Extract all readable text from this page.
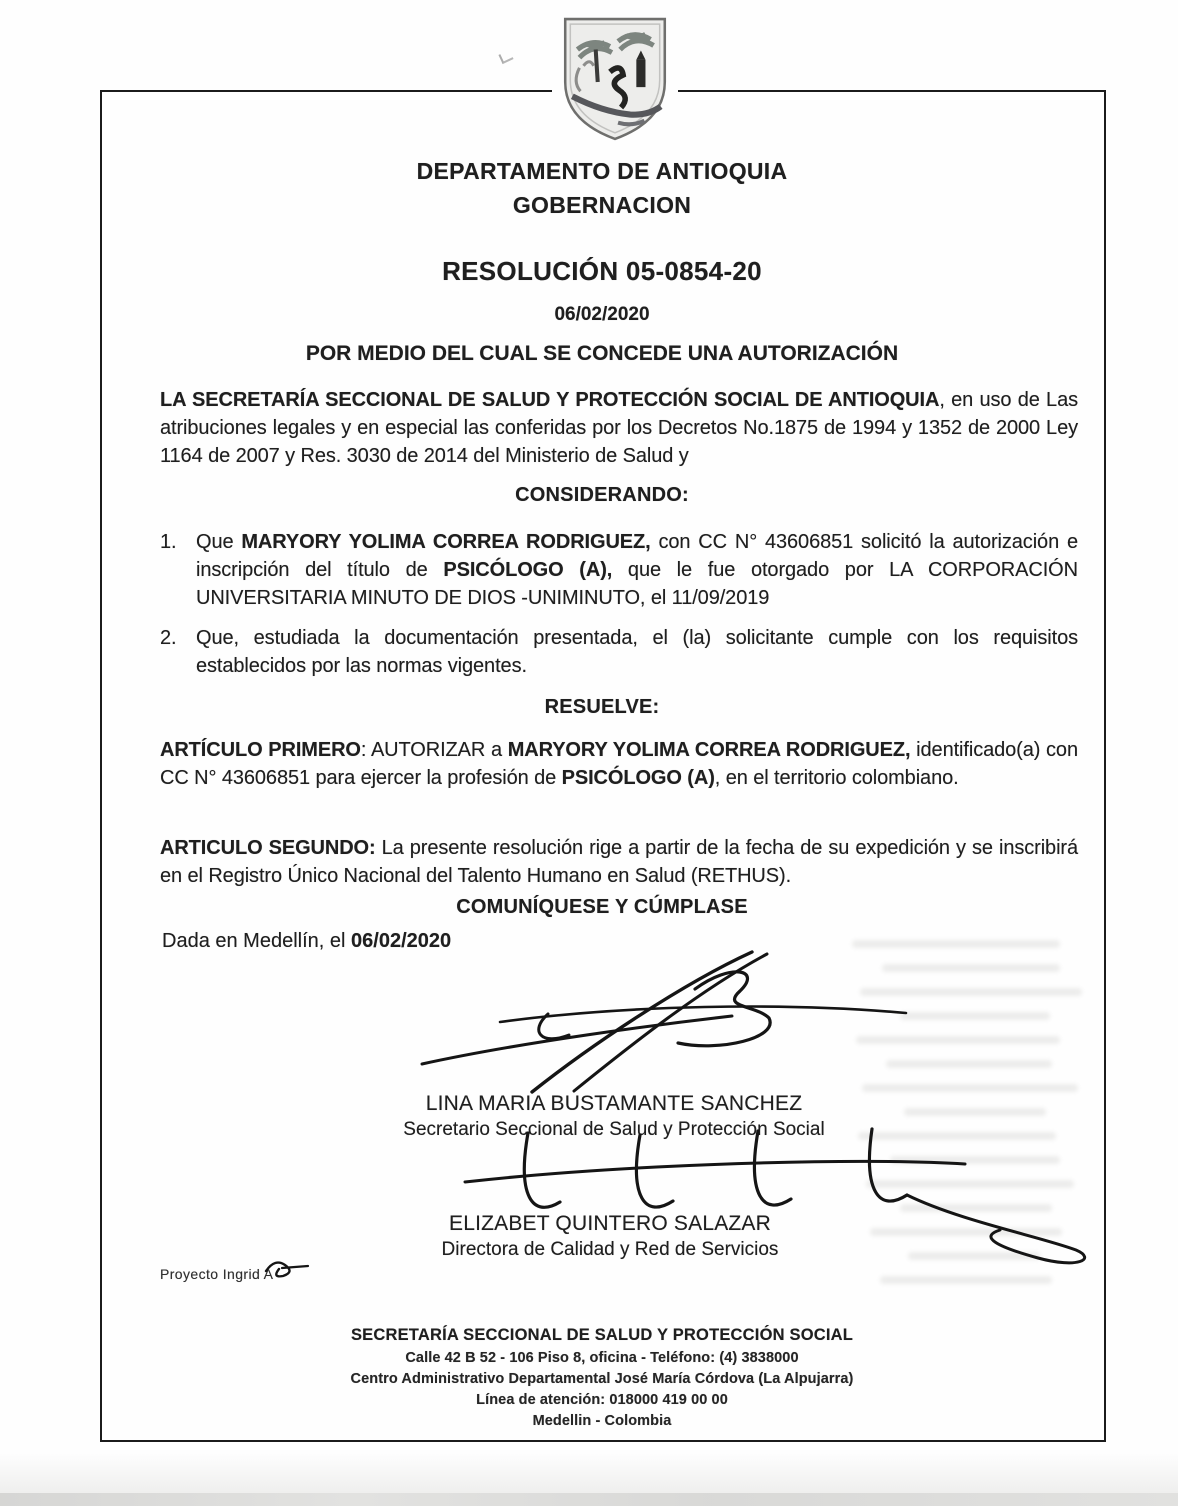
DEPARTAMENTO DE ANTIOQUIA
GOBERNACION
RESOLUCIÓN 05-0854-20
06/02/2020
POR MEDIO DEL CUAL SE CONCEDE UNA AUTORIZACIÓN

LA SECRETARÍA SECCIONAL DE SALUD Y PROTECCIÓN SOCIAL DE ANTIOQUIA, en uso de Las atribuciones legales y en especial las conferidas por los Decretos No.1875 de 1994 y 1352 de 2000 Ley 1164 de 2007 y Res. 3030 de 2014 del Ministerio de Salud y

CONSIDERANDO:
1. Que MARYORY YOLIMA CORREA RODRIGUEZ, con CC N° 43606851 solicitó la autorización e inscripción del título de PSICÓLOGO (A), que le fue otorgado por LA CORPORACIÓN UNIVERSITARIA MINUTO DE DIOS -UNIMINUTO, el 11/09/2019

2. Que, estudiada la documentación presentada, el (la) solicitante cumple con los requisitos establecidos por las normas vigentes.

RESUELVE:

ARTÍCULO PRIMERO: AUTORIZAR a MARYORY YOLIMA CORREA RODRIGUEZ, identificado(a) con CC N° 43606851 para ejercer la profesión de PSICÓLOGO (A), en el territorio colombiano.

ARTICULO SEGUNDO: La presente resolución rige a partir de la fecha de su expedición y se inscribirá en el Registro Único Nacional del Talento Humano en Salud (RETHUS).

COMUNÍQUESE Y CÚMPLASE

Dada en Medellín, el 06/02/2020

LINA MARIA BUSTAMANTE SANCHEZ
Secretario Seccional de Salud y Protección Social
ELIZABET QUINTERO SALAZAR
Directora de Calidad y Red de Servicios
Proyecto Ingrid A
SECRETARÍA SECCIONAL DE SALUD Y PROTECCIÓN SOCIAL
Calle 42 B 52 - 106 Piso 8, oficina - Teléfono: (4) 3838000
Centro Administrativo Departamental José María Córdova (La Alpujarra)
Línea de atención: 018000 419 00 00
Medellin - Colombia
